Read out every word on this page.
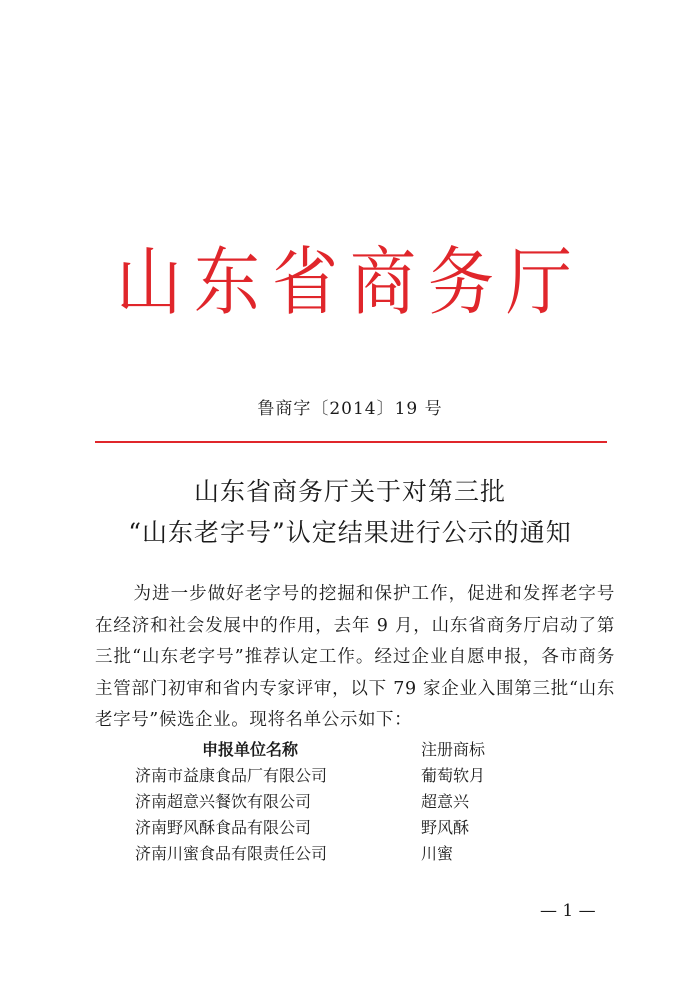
山东省商务厅
鲁商字〔2014〕19 号
山东省商务厅关于对第三批
“山东老字号”认定结果进行公示的通知

为进一步做好老字号的挖掘和保护工作，促进和发挥老字号在经济和社会发展中的作用，去年 9 月，山东省商务厅启动了第三批“山东老字号”推荐认定工作。经过企业自愿申报，各市商务主管部门初审和省内专家评审，以下 79 家企业入围第三批“山东老字号”候选企业。现将名单公示如下：

申报单位名称	注册商标
济南市益康食品厂有限公司	葡萄软月
济南超意兴餐饮有限公司	超意兴
济南野风酥食品有限公司	野风酥
济南川蜜食品有限责任公司	川蜜
— 1 —
